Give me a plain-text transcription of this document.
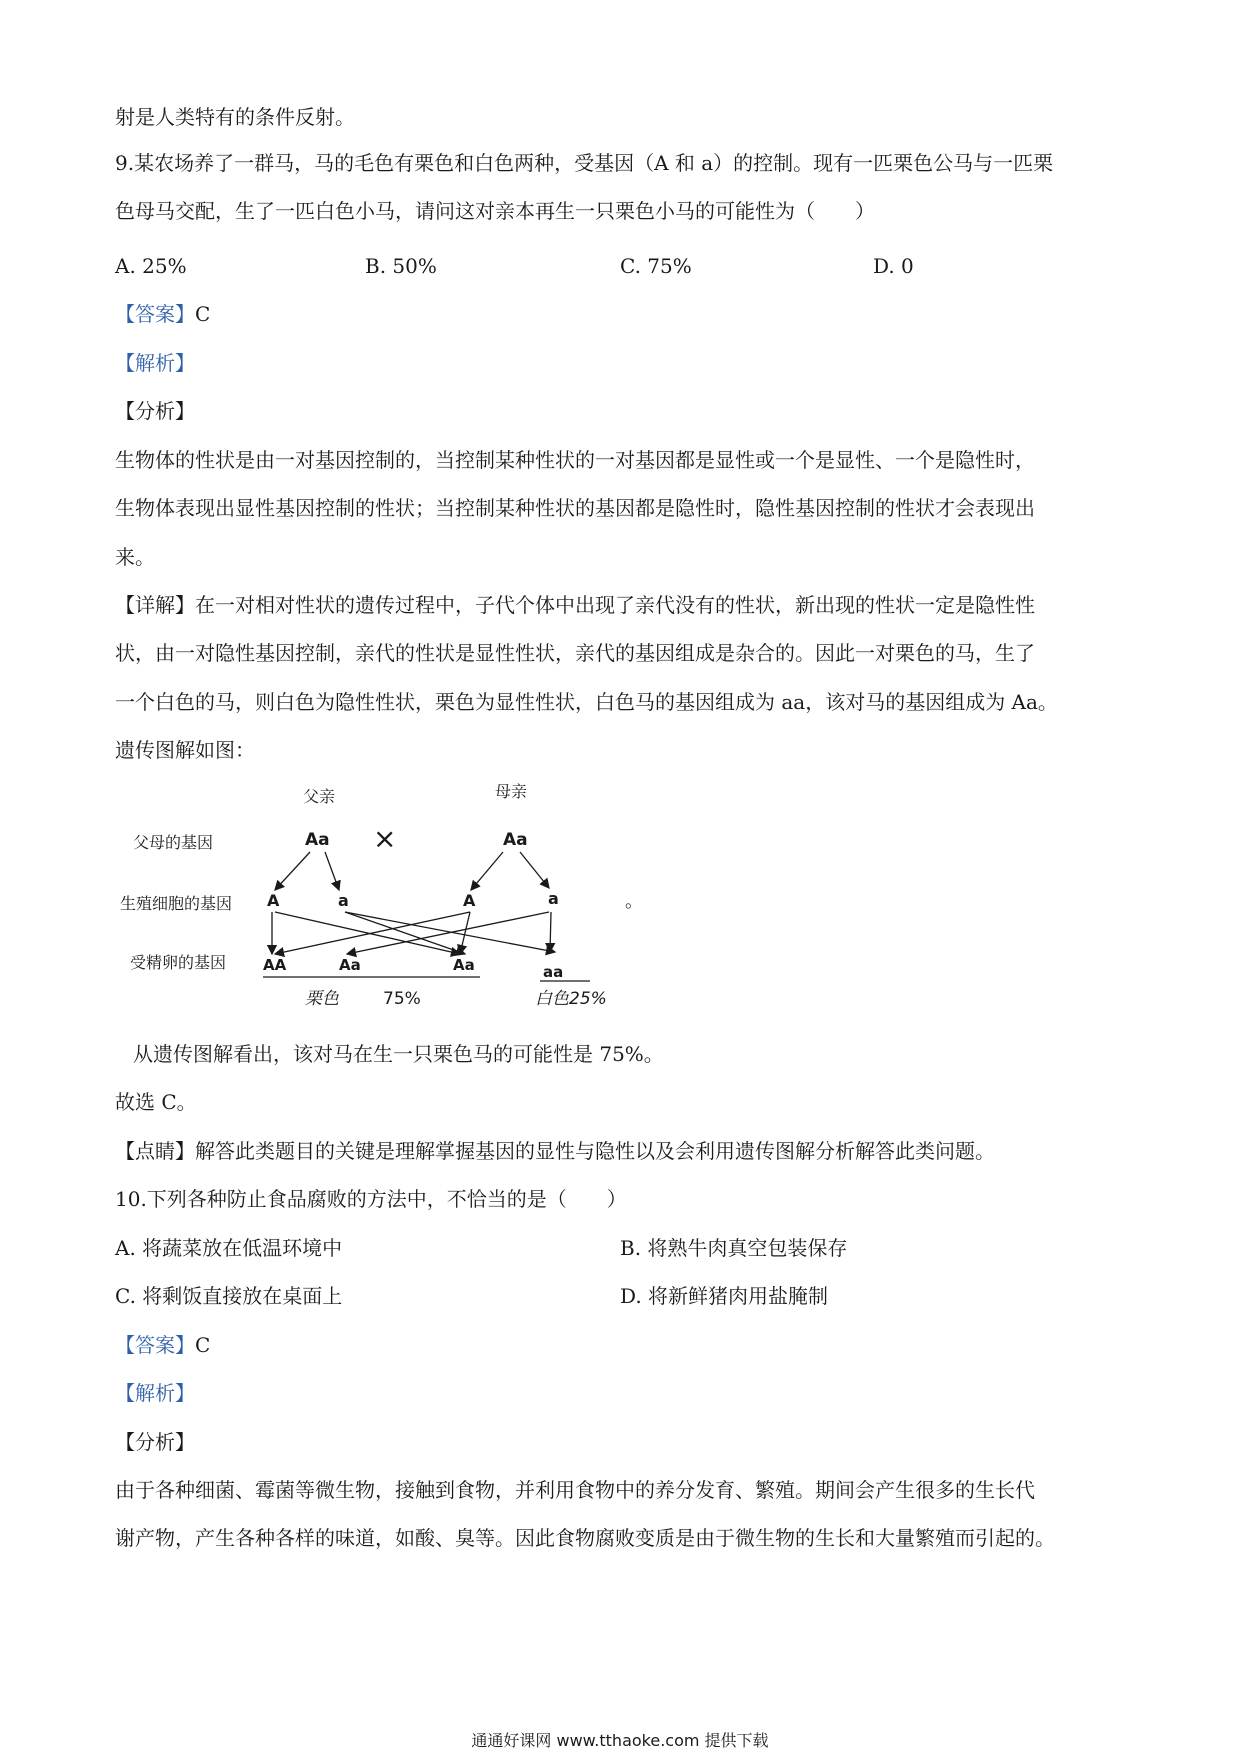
射是人类特有的条件反射。
9.某农场养了一群马，马的毛色有栗色和白色两种，受基因（A 和 a）的控制。现有一匹栗色公马与一匹栗
色母马交配，生了一匹白色小马，请问这对亲本再生一只栗色小马的可能性为（　　）
A. 25%	B. 50%	C. 75%	D. 0
【答案】C
【解析】
【分析】
生物体的性状是由一对基因控制的，当控制某种性状的一对基因都是显性或一个是显性、一个是隐性时，
生物体表现出显性基因控制的性状；当控制某种性状的基因都是隐性时，隐性基因控制的性状才会表现出
来。
【详解】在一对相对性状的遗传过程中，子代个体中出现了亲代没有的性状，新出现的性状一定是隐性性
状，由一对隐性基因控制，亲代的性状是显性性状，亲代的基因组成是杂合的。因此一对栗色的马，生了
一个白色的马，则白色为隐性性状，栗色为显性性状，白色马的基因组成为 aa，该对马的基因组成为 Aa。
遗传图解如图：
父亲	母亲
父母的基因
生殖细胞的基因
受精卵的基因
Aa ×	Aa
A	a	A	a
AA	Aa	Aa	aa
栗色	75%	白色25%
。
从遗传图解看出，该对马在生一只栗色马的可能性是 75%。
故选 C。
【点睛】解答此类题目的关键是理解掌握基因的显性与隐性以及会利用遗传图解分析解答此类问题。
10.下列各种防止食品腐败的方法中，不恰当的是（　　）
A. 将蔬菜放在低温环境中	B. 将熟牛肉真空包装保存
C. 将剩饭直接放在桌面上	D. 将新鲜猪肉用盐腌制
【答案】C
【解析】
【分析】
由于各种细菌、霉菌等微生物，接触到食物，并利用食物中的养分发育、繁殖。期间会产生很多的生长代
谢产物，产生各种各样的味道，如酸、臭等。因此食物腐败变质是由于微生物的生长和大量繁殖而引起的。
通通好课网 www.tthaoke.com 提供下载
